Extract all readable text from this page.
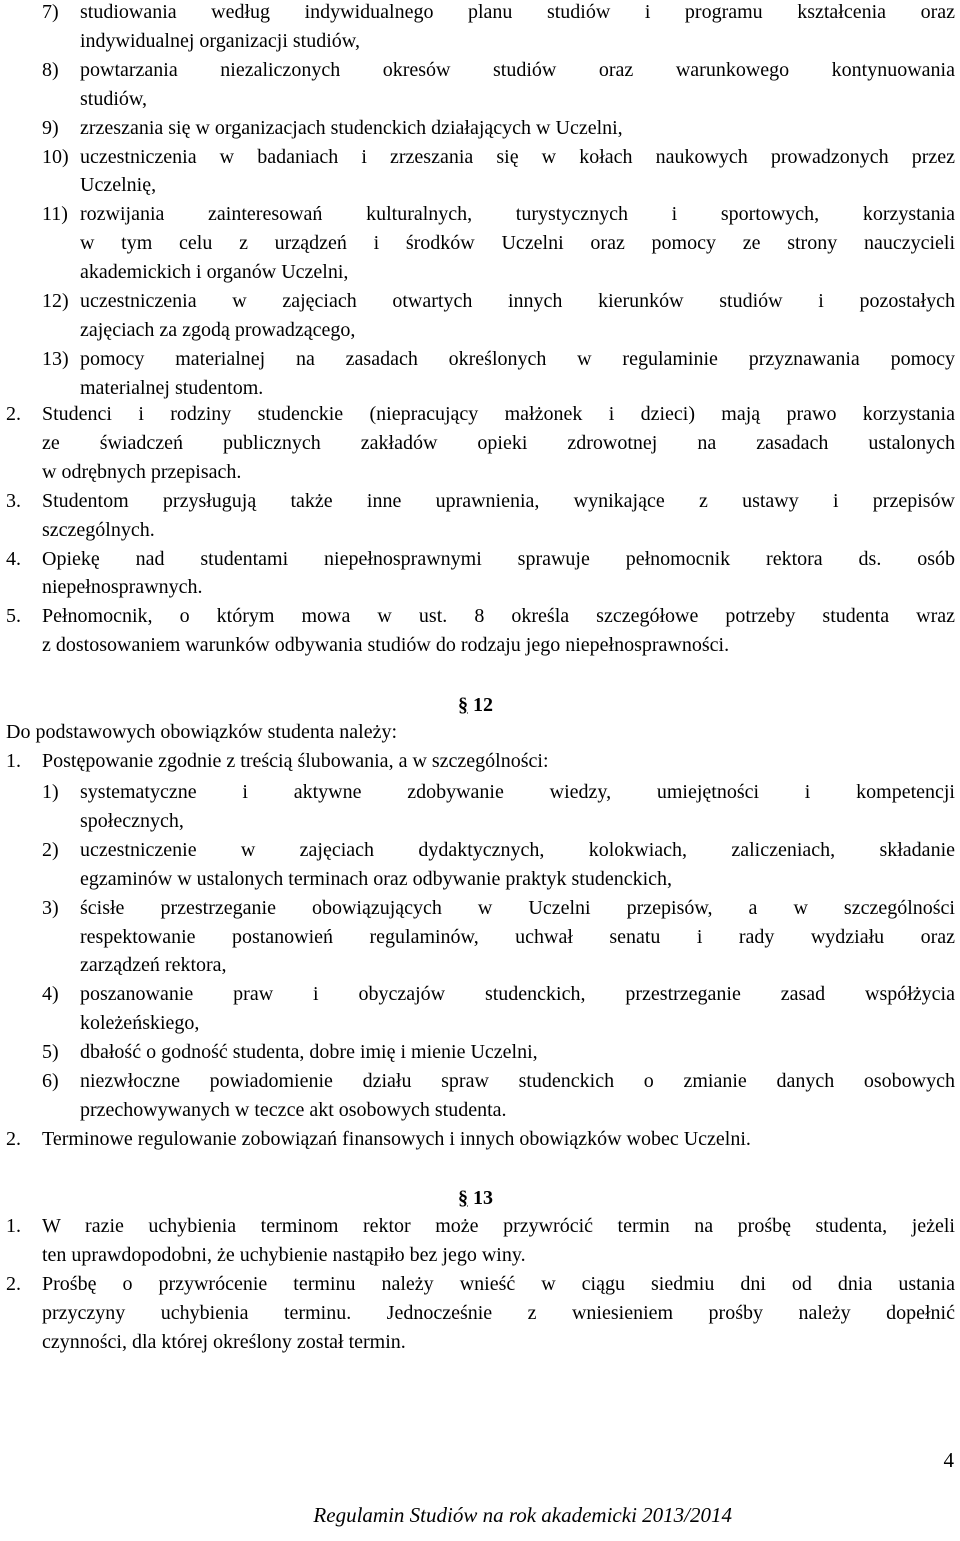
7) studiowania według indywidualnego planu studiów i programu kształcenia oraz
indywidualnej organizacji studiów,
8) powtarzania niezaliczonych okresów studiów oraz warunkowego kontynuowania
studiów,
9) zrzeszania się w organizacjach studenckich działających w Uczelni,
10) uczestniczenia w badaniach i zrzeszania się w kołach naukowych prowadzonych przez
Uczelnię,
11) rozwijania zainteresowań kulturalnych, turystycznych i sportowych, korzystania
w tym celu z urządzeń i środków Uczelni oraz pomocy ze strony nauczycieli
akademickich i organów Uczelni,
12) uczestniczenia w zajęciach otwartych innych kierunków studiów i pozostałych
zajęciach za zgodą prowadzącego,
13) pomocy materialnej na zasadach określonych w regulaminie przyznawania pomocy
materialnej studentom.
2. Studenci i rodziny studenckie (niepracujący małżonek i dzieci) mają prawo korzystania
ze świadczeń publicznych zakładów opieki zdrowotnej na zasadach ustalonych
w odrębnych przepisach.
3. Studentom przysługują także inne uprawnienia, wynikające z ustawy i przepisów
szczególnych.
4. Opiekę nad studentami niepełnosprawnymi sprawuje pełnomocnik rektora ds. osób
niepełnosprawnych.
5. Pełnomocnik, o którym mowa w ust. 8 określa szczegółowe potrzeby studenta wraz
z dostosowaniem warunków odbywania studiów do rodzaju jego niepełnosprawności.
1. Postępowanie zgodnie z treścią ślubowania, a w szczególności:
1) systematyczne i aktywne zdobywanie wiedzy, umiejętności i kompetencji
społecznych,
2) uczestniczenie w zajęciach dydaktycznych, kolokwiach, zaliczeniach, składanie
egzaminów w ustalonych terminach oraz odbywanie praktyk studenckich,
3) ścisłe przestrzeganie obowiązujących w Uczelni przepisów, a w szczególności
respektowanie postanowień regulaminów, uchwał senatu i rady wydziału oraz
zarządzeń rektora,
4) poszanowanie praw i obyczajów studenckich, przestrzeganie zasad współżycia
koleżeńskiego,
5) dbałość o godność studenta, dobre imię i mienie Uczelni,
6) niezwłoczne powiadomienie działu spraw studenckich o zmianie danych osobowych
przechowywanych w teczce akt osobowych studenta.
2. Terminowe regulowanie zobowiązań finansowych i innych obowiązków wobec Uczelni.
1. W razie uchybienia terminom rektor może przywrócić termin na prośbę studenta, jeżeli
ten uprawdopodobni, że uchybienie nastąpiło bez jego winy.
2. Prośbę o przywrócenie terminu należy wnieść w ciągu siedmiu dni od dnia ustania
przyczyny uchybienia terminu. Jednocześnie z wniesieniem prośby należy dopełnić
czynności, dla której określony został termin.
§ 12
Do podstawowych obowiązków studenta należy:
§ 13
4
Regulamin Studiów na rok akademicki 2013/2014
